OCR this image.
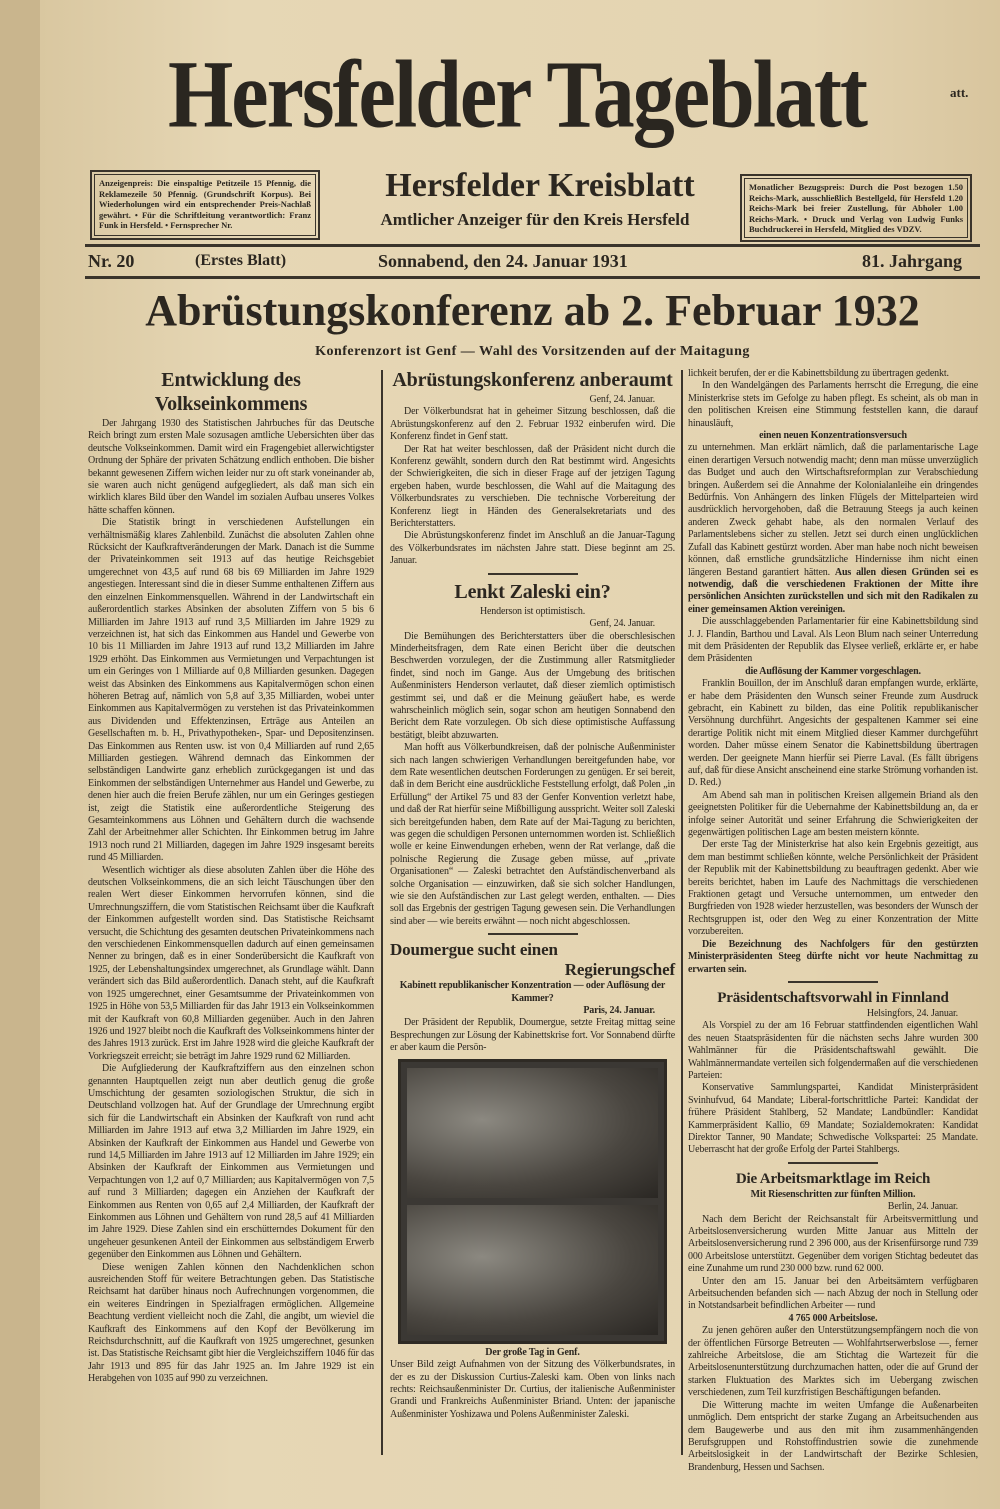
Hersfelder Tageblatt	att.
Anzeigenpreis: Die einspaltige Petitzeile 15 Pfennig, die Reklamezeile 50 Pfennig. (Grundschrift Korpus). Bei Wiederholungen wird ein entsprechender Preis-Nachlaß gewährt. • Für die Schriftleitung verantwortlich: Franz Funk in Hersfeld. • Fernsprecher Nr.
Hersfelder Kreisblatt
Amtlicher Anzeiger für den Kreis Hersfeld
Monatlicher Bezugspreis: Durch die Post bezogen 1.50 Reichs-Mark, ausschließlich Bestellgeld, für Hersfeld 1.20 Reichs-Mark bei freier Zustellung, für Abholer 1.00 Reichs-Mark. • Druck und Verlag von Ludwig Funks Buchdruckerei in Hersfeld, Mitglied des VDZV.
Nr. 20	(Erstes Blatt)	Sonnabend, den 24. Januar 1931	81. Jahrgang
Abrüstungskonferenz ab 2. Februar 1932
Konferenzort ist Genf — Wahl des Vorsitzenden auf der Maitagung
Entwicklung des Volkseinkommens

Der Jahrgang 1930 des Statistischen Jahrbuches für das Deutsche Reich bringt zum ersten Male sozusagen amtliche Uebersichten über das deutsche Volkseinkommen. Damit wird ein Fragengebiet allerwichtigster Ordnung der Sphäre der privaten Schätzung endlich enthoben. Die bisher bekannt gewesenen Ziffern wichen leider nur zu oft stark voneinander ab, sie waren auch nicht genügend aufgegliedert, als daß man sich ein wirklich klares Bild über den Wandel im sozialen Aufbau unseres Volkes hätte schaffen können.

Die Statistik bringt in verschiedenen Aufstellungen ein verhältnismäßig klares Zahlenbild. Zunächst die absoluten Zahlen ohne Rücksicht der Kaufkraftveränderungen der Mark. Danach ist die Summe der Privateinkommen seit 1913 auf das heutige Reichsgebiet umgerechnet von 43,5 auf rund 68 bis 69 Milliarden im Jahre 1929 angestiegen. Interessant sind die in dieser Summe enthaltenen Ziffern aus den einzelnen Einkommensquellen. Während in der Landwirtschaft ein außerordentlich starkes Absinken der absoluten Ziffern von 5 bis 6 Milliarden im Jahre 1913 auf rund 3,5 Milliarden im Jahre 1929 zu verzeichnen ist, hat sich das Einkommen aus Handel und Gewerbe von 10 bis 11 Milliarden im Jahre 1913 auf rund 13,2 Milliarden im Jahre 1929 erhöht. Das Einkommen aus Vermietungen und Verpachtungen ist um ein Geringes von 1 Milliarde auf 0,8 Milliarden gesunken. Dagegen weist das Absinken des Einkommens aus Kapitalvermögen schon einen höheren Betrag auf, nämlich von 5,8 auf 3,35 Milliarden, wobei unter Einkommen aus Kapitalvermögen zu verstehen ist das Privateinkommen aus Dividenden und Effektenzinsen, Erträge aus Anteilen an Gesellschaften m. b. H., Privathypotheken-, Spar- und Depositenzinsen. Das Einkommen aus Renten usw. ist von 0,4 Milliarden auf rund 2,65 Milliarden gestiegen. Während demnach das Einkommen der selbständigen Landwirte ganz erheblich zurückgegangen ist und das Einkommen der selbständigen Unternehmer aus Handel und Gewerbe, zu denen hier auch die freien Berufe zählen, nur um ein Geringes gestiegen ist, zeigt die Statistik eine außerordentliche Steigerung des Gesamteinkommens aus Löhnen und Gehältern durch die wachsende Zahl der Arbeitnehmer aller Schichten. Ihr Einkommen betrug im Jahre 1913 noch rund 21 Milliarden, dagegen im Jahre 1929 insgesamt bereits rund 45 Milliarden.

Wesentlich wichtiger als diese absoluten Zahlen über die Höhe des deutschen Volkseinkommens, die an sich leicht Täuschungen über den realen Wert dieser Einkommen hervorrufen können, sind die Umrechnungsziffern, die vom Statistischen Reichsamt über die Kaufkraft der Einkommen aufgestellt worden sind. Das Statistische Reichsamt versucht, die Schichtung des gesamten deutschen Privateinkommens nach den verschiedenen Einkommensquellen dadurch auf einen gemeinsamen Nenner zu bringen, daß es in einer Sonderübersicht die Kaufkraft von 1925, der Lebenshaltungsindex umgerechnet, als Grundlage wählt. Dann verändert sich das Bild außerordentlich. Danach steht, auf die Kaufkraft von 1925 umgerechnet, einer Gesamtsumme der Privateinkommen von 1925 in Höhe von 53,5 Milliarden für das Jahr 1913 ein Volkseinkommen mit der Kaufkraft von 60,8 Milliarden gegenüber. Auch in den Jahren 1926 und 1927 bleibt noch die Kaufkraft des Volkseinkommens hinter der des Jahres 1913 zurück. Erst im Jahre 1928 wird die gleiche Kaufkraft der Vorkriegszeit erreicht; sie beträgt im Jahre 1929 rund 62 Milliarden.

Die Aufgliederung der Kaufkraftziffern aus den einzelnen schon genannten Hauptquellen zeigt nun aber deutlich genug die große Umschichtung der gesamten soziologischen Struktur, die sich in Deutschland vollzogen hat. Auf der Grundlage der Umrechnung ergibt sich für die Landwirtschaft ein Absinken der Kaufkraft von rund acht Milliarden im Jahre 1913 auf etwa 3,2 Milliarden im Jahre 1929, ein Absinken der Kaufkraft der Einkommen aus Handel und Gewerbe von rund 14,5 Milliarden im Jahre 1913 auf 12 Milliarden im Jahre 1929; ein Absinken der Kaufkraft der Einkommen aus Vermietungen und Verpachtungen von 1,2 auf 0,7 Milliarden; aus Kapitalvermögen von 7,5 auf rund 3 Milliarden; dagegen ein Anziehen der Kaufkraft der Einkommen aus Renten von 0,65 auf 2,4 Milliarden, der Kaufkraft der Einkommen aus Löhnen und Gehältern von rund 28,5 auf 41 Milliarden im Jahre 1929. Diese Zahlen sind ein erschütterndes Dokument für den ungeheuer gesunkenen Anteil der Einkommen aus selbständigem Erwerb gegenüber den Einkommen aus Löhnen und Gehältern.

Diese wenigen Zahlen können den Nachdenklichen schon ausreichenden Stoff für weitere Betrachtungen geben. Das Statistische Reichsamt hat darüber hinaus noch Aufrechnungen vorgenommen, die ein weiteres Eindringen in Spezialfragen ermöglichen. Allgemeine Beachtung verdient vielleicht noch die Zahl, die angibt, um wieviel die Kaufkraft des Einkommens auf den Kopf der Bevölkerung im Reichsdurchschnitt, auf die Kaufkraft von 1925 umgerechnet, gesunken ist. Das Statistische Reichsamt gibt hier die Vergleichsziffern 1046 für das Jahr 1913 und 895 für das Jahr 1925 an. Im Jahre 1929 ist ein Herabgehen von 1035 auf 990 zu verzeichnen.

Abrüstungskonferenz anberaumt

Genf, 24. Januar.

Der Völkerbundsrat hat in geheimer Sitzung beschlossen, daß die Abrüstungskonferenz auf den 2. Februar 1932 einberufen wird. Die Konferenz findet in Genf statt.

Der Rat hat weiter beschlossen, daß der Präsident nicht durch die Konferenz gewählt, sondern durch den Rat bestimmt wird. Angesichts der Schwierigkeiten, die sich in dieser Frage auf der jetzigen Tagung ergeben haben, wurde beschlossen, die Wahl auf die Maitagung des Völkerbundsrates zu verschieben. Die technische Vorbereitung der Konferenz liegt in Händen des Generalsekretariats und des Berichterstatters.

Die Abrüstungskonferenz findet im Anschluß an die Januar-Tagung des Völkerbundsrates im nächsten Jahre statt. Diese beginnt am 25. Januar.

Lenkt Zaleski ein?

Henderson ist optimistisch.

Genf, 24. Januar.

Die Bemühungen des Berichterstatters über die oberschlesischen Minderheitsfragen, dem Rate einen Bericht über die deutschen Beschwerden vorzulegen, der die Zustimmung aller Ratsmitglieder findet, sind noch im Gange. Aus der Umgebung des britischen Außenministers Henderson verlautet, daß dieser ziemlich optimistisch gestimmt sei, und daß er die Meinung geäußert habe, es werde wahrscheinlich möglich sein, sogar schon am heutigen Sonnabend den Bericht dem Rate vorzulegen. Ob sich diese optimistische Auffassung bestätigt, bleibt abzuwarten.

Man hofft aus Völkerbundkreisen, daß der polnische Außenminister sich nach langen schwierigen Verhandlungen bereitgefunden habe, vor dem Rate wesentlichen deutschen Forderungen zu genügen. Er sei bereit, daß in dem Bericht eine ausdrückliche Feststellung erfolgt, daß Polen „in Erfüllung“ der Artikel 75 und 83 der Genfer Konvention verletzt habe, und daß der Rat hierfür seine Mißbilligung ausspricht. Weiter soll Zaleski sich bereitgefunden haben, dem Rate auf der Mai-Tagung zu berichten, was gegen die schuldigen Personen unternommen worden ist. Schließlich wolle er keine Einwendungen erheben, wenn der Rat verlange, daß die polnische Regierung die Zusage geben müsse, auf „private Organisationen“ — Zaleski betrachtet den Aufständischenverband als solche Organisation — einzuwirken, daß sie sich solcher Handlungen, wie sie den Aufständischen zur Last gelegt werden, enthalten. — Dies soll das Ergebnis der gestrigen Tagung gewesen sein. Die Verhandlungen sind aber — wie bereits erwähnt — noch nicht abgeschlossen.

Doumergue sucht einen
Regierungschef

Kabinett republikanischer Konzentration — oder Auflösung der Kammer?

Paris, 24. Januar.

Der Präsident der Republik, Doumergue, setzte Freitag mittag seine Besprechungen zur Lösung der Kabinettskrise fort. Vor Sonnabend dürfte er aber kaum die Persön-

Der große Tag in Genf.

Unser Bild zeigt Aufnahmen von der Sitzung des Völkerbundsrates, in der es zu der Diskussion Curtius-Zaleski kam. Oben von links nach rechts: Reichsaußenminister Dr. Curtius, der italienische Außenminister Grandi und Frankreichs Außenminister Briand. Unten: der japanische Außenminister Yoshizawa und Polens Außenminister Zaleski.

lichkeit berufen, der er die Kabinettsbildung zu übertragen gedenkt.

In den Wandelgängen des Parlaments herrscht die Erregung, die eine Ministerkrise stets im Gefolge zu haben pflegt. Es scheint, als ob man in den politischen Kreisen eine Stimmung feststellen kann, die darauf hinausläuft,

einen neuen Konzentrationsversuch

zu unternehmen. Man erklärt nämlich, daß die parlamentarische Lage einen derartigen Versuch notwendig macht; denn man müsse unverzüglich das Budget und auch den Wirtschaftsreformplan zur Verabschiedung bringen. Außerdem sei die Annahme der Kolonialanleihe ein dringendes Bedürfnis. Von Anhängern des linken Flügels der Mittelparteien wird ausdrücklich hervorgehoben, daß die Betrauung Steegs ja auch keinen anderen Zweck gehabt habe, als den normalen Verlauf des Parlamentslebens sicher zu stellen. Jetzt sei durch einen unglücklichen Zufall das Kabinett gestürzt worden. Aber man habe noch nicht beweisen können, daß ernstliche grundsätzliche Hindernisse ihm nicht einen längeren Bestand garantiert hätten. Aus allen diesen Gründen sei es notwendig, daß die verschiedenen Fraktionen der Mitte ihre persönlichen Ansichten zurückstellen und sich mit den Radikalen zu einer gemeinsamen Aktion vereinigen.

Die ausschlaggebenden Parlamentarier für eine Kabinettsbildung sind J. J. Flandin, Barthou und Laval. Als Leon Blum nach seiner Unterredung mit dem Präsidenten der Republik das Elysee verließ, erklärte er, er habe dem Präsidenten

die Auflösung der Kammer vorgeschlagen.

Franklin Bouillon, der im Anschluß daran empfangen wurde, erklärte, er habe dem Präsidenten den Wunsch seiner Freunde zum Ausdruck gebracht, ein Kabinett zu bilden, das eine Politik republikanischer Versöhnung durchführt. Angesichts der gespaltenen Kammer sei eine derartige Politik nicht mit einem Mitglied dieser Kammer durchgeführt worden. Daher müsse einem Senator die Kabinettsbildung übertragen werden. Der geeignete Mann hierfür sei Pierre Laval. (Es fällt übrigens auf, daß für diese Ansicht anscheinend eine starke Strömung vorhanden ist. D. Red.)

Am Abend sah man in politischen Kreisen allgemein Briand als den geeignetsten Politiker für die Uebernahme der Kabinettsbildung an, da er infolge seiner Autorität und seiner Erfahrung die Schwierigkeiten der gegenwärtigen politischen Lage am besten meistern könnte.

Der erste Tag der Ministerkrise hat also kein Ergebnis gezeitigt, aus dem man bestimmt schließen könnte, welche Persönlichkeit der Präsident der Republik mit der Kabinettsbildung zu beauftragen gedenkt. Aber wie bereits berichtet, haben im Laufe des Nachmittags die verschiedenen Fraktionen getagt und Versuche unternommen, um entweder den Burgfrieden von 1928 wieder herzustellen, was besonders der Wunsch der Rechtsgruppen ist, oder den Weg zu einer Konzentration der Mitte vorzubereiten.

Die Bezeichnung des Nachfolgers für den gestürzten Ministerpräsidenten Steeg dürfte nicht vor heute Nachmittag zu erwarten sein.

Präsidentschaftsvorwahl in Finnland

Helsingfors, 24. Januar.

Als Vorspiel zu der am 16 Februar stattfindenden eigentlichen Wahl des neuen Staatspräsidenten für die nächsten sechs Jahre wurden 300 Wahlmänner für die Präsidentschaftswahl gewählt. Die Wahlmännermandate verteilen sich folgendermaßen auf die verschiedenen Parteien:

Konservative Sammlungspartei, Kandidat Ministerpräsident Svinhufvud, 64 Mandate; Liberal-fortschrittliche Partei: Kandidat der frühere Präsident Stahlberg, 52 Mandate; Landbündler: Kandidat Kammerpräsident Kallio, 69 Mandate; Sozialdemokraten: Kandidat Direktor Tanner, 90 Mandate; Schwedische Volkspartei: 25 Mandate. Ueberrascht hat der große Erfolg der Partei Stahlbergs.

Die Arbeitsmarktlage im Reich

Mit Riesenschritten zur fünften Million.

Berlin, 24. Januar.

Nach dem Bericht der Reichsanstalt für Arbeitsvermittlung und Arbeitslosenversicherung wurden Mitte Januar aus Mitteln der Arbeitslosenversicherung rund 2 396 000, aus der Krisenfürsorge rund 739 000 Arbeitslose unterstützt. Gegenüber dem vorigen Stichtag bedeutet das eine Zunahme um rund 230 000 bzw. rund 62 000.

Unter den am 15. Januar bei den Arbeitsämtern verfügbaren Arbeitsuchenden befanden sich — nach Abzug der noch in Stellung oder in Notstandsarbeit befindlichen Arbeiter — rund

4 765 000 Arbeitslose.

Zu jenen gehören außer den Unterstützungsempfängern noch die von der öffentlichen Fürsorge Betreuten — Wohlfahrtserwerbslose —, ferner zahlreiche Arbeitslose, die am Stichtag die Wartezeit für die Arbeitslosenunterstützung durchzumachen hatten, oder die auf Grund der starken Fluktuation des Marktes sich im Uebergang zwischen verschiedenen, zum Teil kurzfristigen Beschäftigungen befanden.

Die Witterung machte im weiten Umfange die Außenarbeiten unmöglich. Dem entspricht der starke Zugang an Arbeitsuchenden aus dem Baugewerbe und aus den mit ihm zusammenhängenden Berufsgruppen und Rohstoffindustrien sowie die zunehmende Arbeitslosigkeit in der Landwirtschaft der Bezirke Schlesien, Brandenburg, Hessen und Sachsen.
